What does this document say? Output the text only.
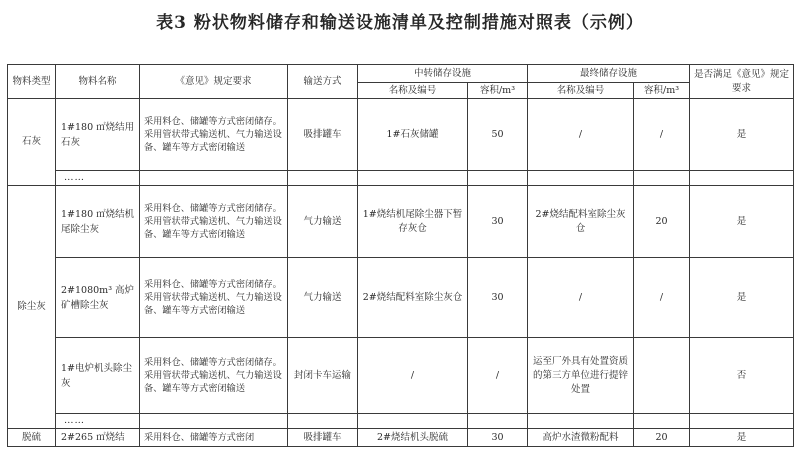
表3 粉状物料储存和输送设施清单及控制措施对照表（示例）
物料类型	物料名称	《意见》规定要求	输送方式	中转储存设施		最终储存设施		是否满足《意见》规定要求
				名称及编号	容积/m³	名称及编号	容积/m³	
石灰	1#180 ㎡烧结用石灰	采用料仓、储罐等方式密闭储存。采用管状带式输送机、气力输送设备、罐车等方式密闭输送	吸排罐车	1#石灰储罐	50	/	/	是
	……							
除尘灰	1#180 ㎡烧结机尾除尘灰	采用料仓、储罐等方式密闭储存。采用管状带式输送机、气力输送设备、罐车等方式密闭输送	气力输送	1#烧结机尾除尘器下暂存灰仓	30	2#烧结配料室除尘灰仓	20	是
	2#1080m³ 高炉矿槽除尘灰	采用料仓、储罐等方式密闭储存。采用管状带式输送机、气力输送设备、罐车等方式密闭输送	气力输送	2#烧结配料室除尘灰仓	30	/	/	是
	1#电炉机头除尘灰	采用料仓、储罐等方式密闭储存。采用管状带式输送机、气力输送设备、罐车等方式密闭输送	封闭卡车运输	/	/	运至厂外具有处置资质的第三方单位进行提锌处置		否
	……							
脱硫	2#265 ㎡烧结	采用料仓、储罐等方式密闭	吸排罐车	2#烧结机头脱硫	30	高炉水渣微粉配料	20	是
